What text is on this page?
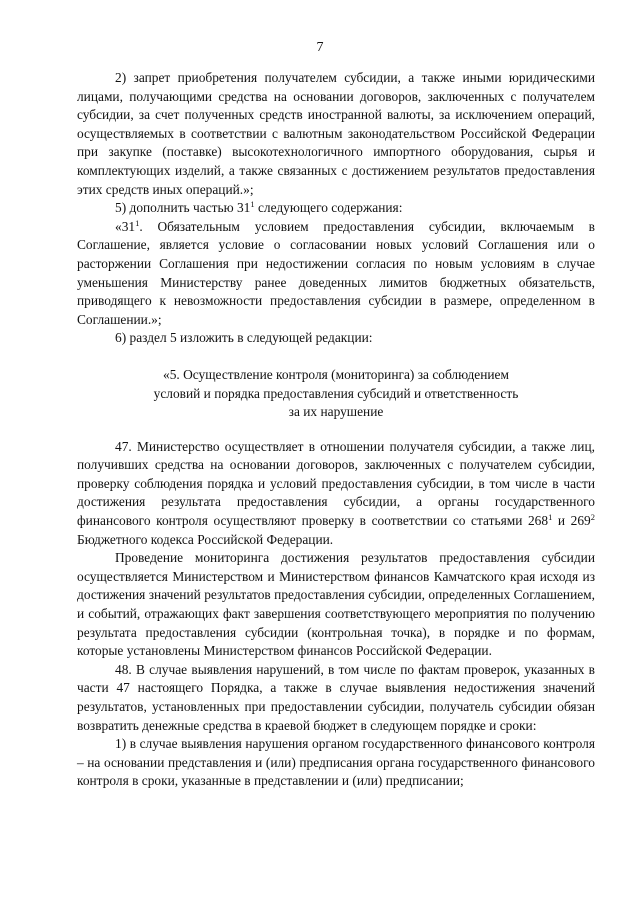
7

2) запрет приобретения получателем субсидии, а также иными юридическими лицами, получающими средства на основании договоров, заключенных с получателем субсидии, за счет полученных средств иностранной валюты, за исключением операций, осуществляемых в соответствии с валютным законодательством Российской Федерации при закупке (поставке) высокотехнологичного импортного оборудования, сырья и комплектующих изделий, а также связанных с достижением результатов предоставления этих средств иных операций.»;

5) дополнить частью $31^1$ следующего содержания:

«$31^1$. Обязательным условием предоставления субсидии, включаемым в Соглашение, является условие о согласовании новых условий Соглашения или о расторжении Соглашения при недостижении согласия по новым условиям в случае уменьшения Министерству ранее доведенных лимитов бюджетных обязательств, приводящего к невозможности предоставления субсидии в размере, определенном в Соглашении.»;

6) раздел 5 изложить в следующей редакции:

«5. Осуществление контроля (мониторинга) за соблюдением
условий и порядка предоставления субсидий и ответственность
за их нарушение

47. Министерство осуществляет в отношении получателя субсидии, а также лиц, получивших средства на основании договоров, заключенных с получателем субсидии, проверку соблюдения порядка и условий предоставления субсидии, в том числе в части достижения результата предоставления субсидии, а органы государственного финансового контроля осуществляют проверку в соответствии со статьями $268^1$ и $269^2$ Бюджетного кодекса Российской Федерации.

Проведение мониторинга достижения результатов предоставления субсидии осуществляется Министерством и Министерством финансов Камчатского края исходя из достижения значений результатов предоставления субсидии, определенных Соглашением, и событий, отражающих факт завершения соответствующего мероприятия по получению результата предоставления субсидии (контрольная точка), в порядке и по формам, которые установлены Министерством финансов Российской Федерации.

48. В случае выявления нарушений, в том числе по фактам проверок, указанных в части 47 настоящего Порядка, а также в случае выявления недостижения значений результатов, установленных при предоставлении субсидии, получатель субсидии обязан возвратить денежные средства в краевой бюджет в следующем порядке и сроки:

1) в случае выявления нарушения органом государственного финансового контроля – на основании представления и (или) предписания органа государственного финансового контроля в сроки, указанные в представлении и (или) предписании;
